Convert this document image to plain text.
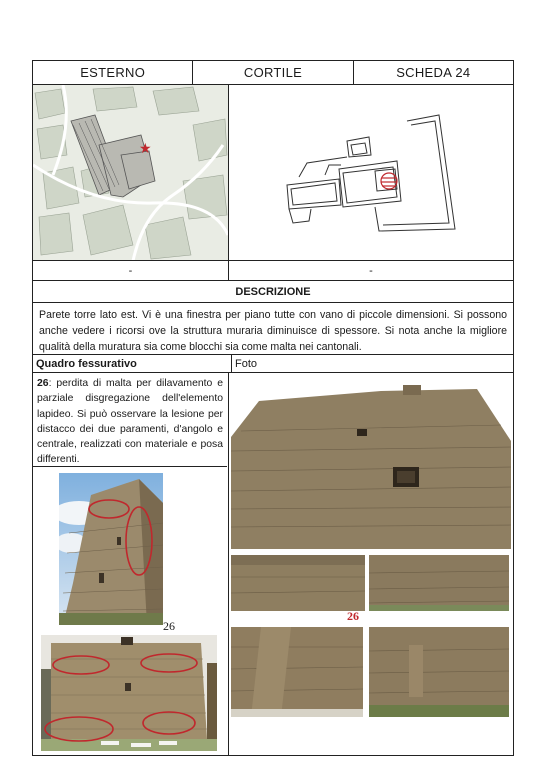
ESTERNO	CORTILE	SCHEDA 24
★
-	-
DESCRIZIONE
Parete torre lato est. Vi è una finestra per piano tutte con vano di piccole dimensioni. Si possono anche vedere i ricorsi ove la struttura muraria diminuisce di spessore. Si nota anche la migliore qualità della muratura sia come blocchi sia come malta nei cantonali.
Quadro fessurativo	Foto
26: perdita di malta per dilavamento e parziale disgregazione dell'elemento lapideo. Si può osservare la lesione per distacco dei due paramenti, d'angolo e centrale, realizzati con materiale e posa differenti.
26
26
